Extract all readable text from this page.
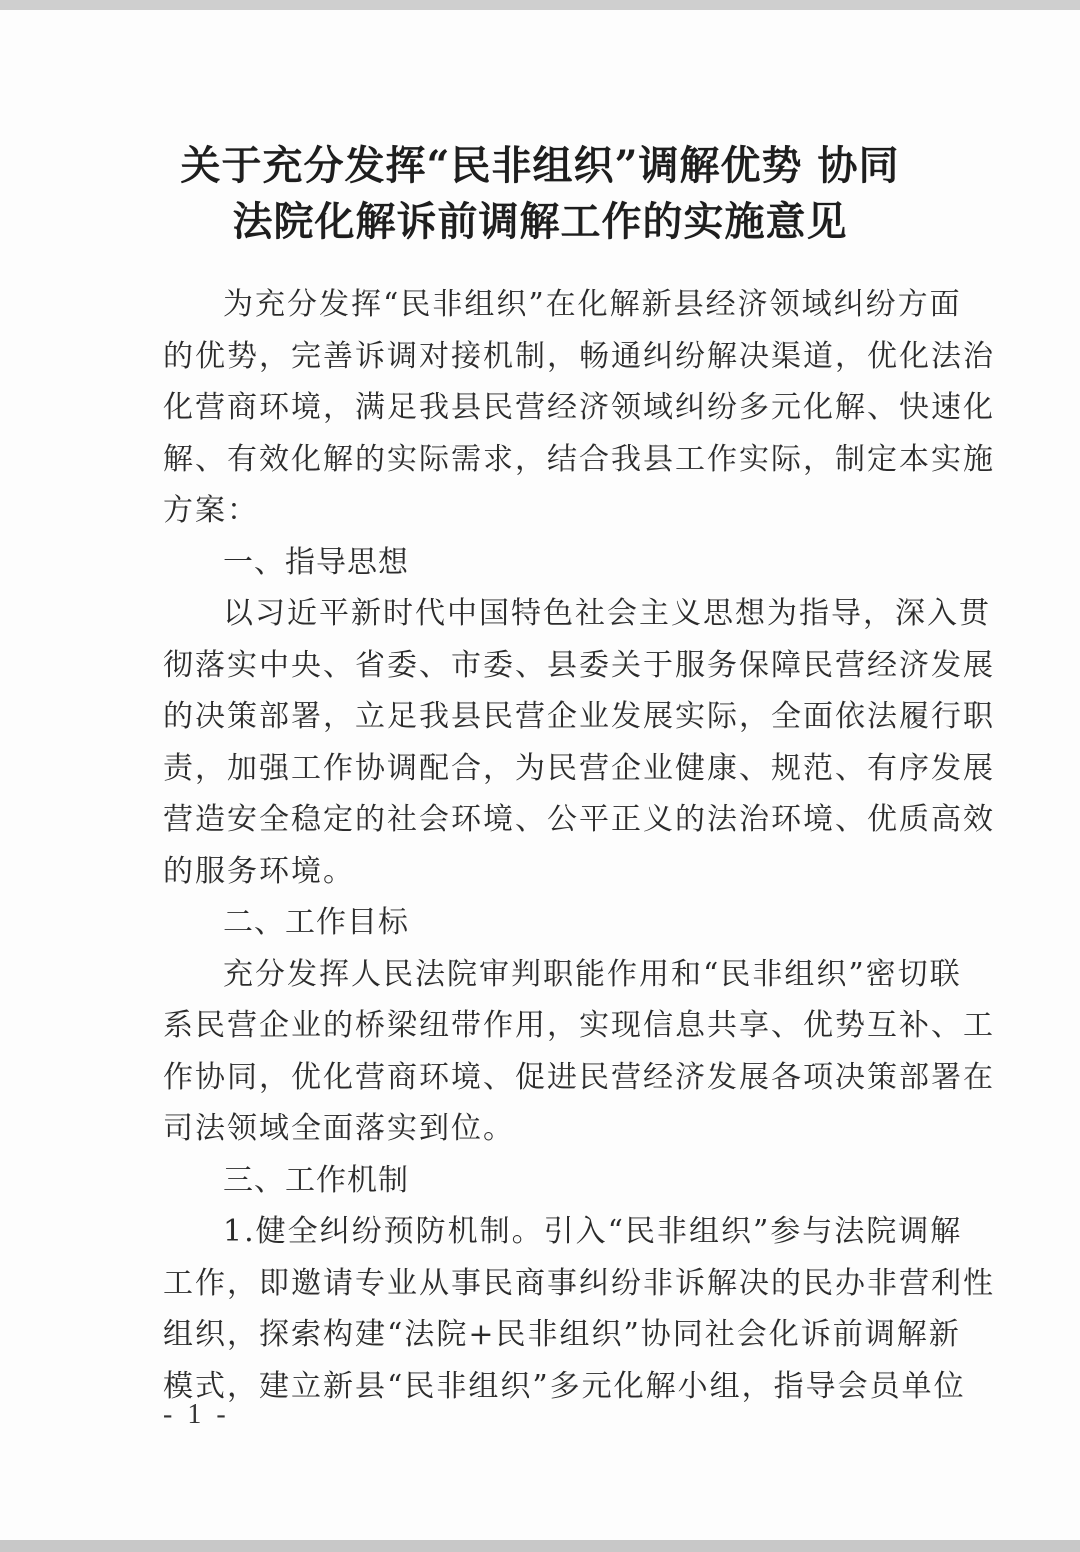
关于充分发挥“民非组织”调解优势 协同
法院化解诉前调解工作的实施意见
为充分发挥“民非组织”在化解新县经济领域纠纷方面
的优势，完善诉调对接机制，畅通纠纷解决渠道，优化法治
化营商环境，满足我县民营经济领域纠纷多元化解、快速化
解、有效化解的实际需求，结合我县工作实际，制定本实施
方案：
一、指导思想
以习近平新时代中国特色社会主义思想为指导，深入贯
彻落实中央、省委、市委、县委关于服务保障民营经济发展
的决策部署，立足我县民营企业发展实际，全面依法履行职
责，加强工作协调配合，为民营企业健康、规范、有序发展
营造安全稳定的社会环境、公平正义的法治环境、优质高效
的服务环境。
二、工作目标
充分发挥人民法院审判职能作用和“民非组织”密切联
系民营企业的桥梁纽带作用，实现信息共享、优势互补、工
作协同，优化营商环境、促进民营经济发展各项决策部署在
司法领域全面落实到位。
三、工作机制
1.健全纠纷预防机制。引入“民非组织”参与法院调解
工作，即邀请专业从事民商事纠纷非诉解决的民办非营利性
组织，探索构建“法院+民非组织”协同社会化诉前调解新
模式，建立新县“民非组织”多元化解小组，指导会员单位
- 1 -
